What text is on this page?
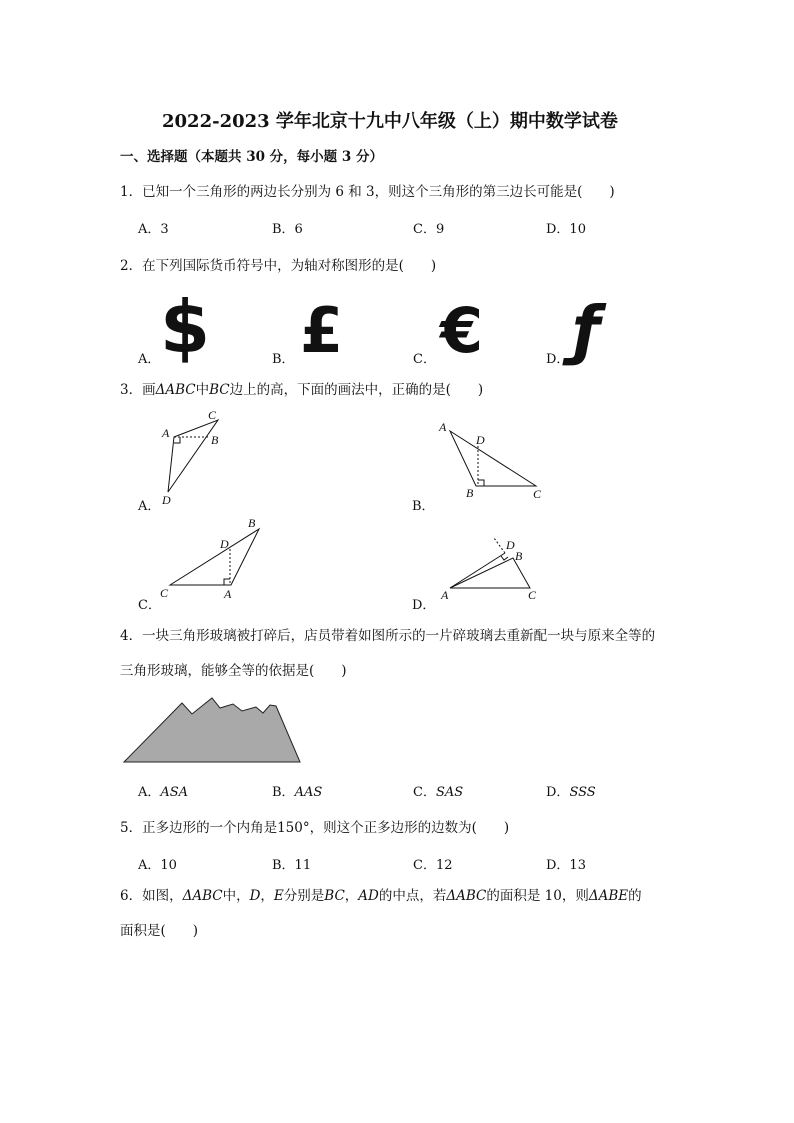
2022-2023 学年北京十九中八年级（上）期中数学试卷
一、选择题（本题共 30 分，每小题 3 分）
1．已知一个三角形的两边长分别为 6 和 3，则这个三角形的第三边长可能是(　　)
A．3	B．6	C．9	D．10
2．在下列国际货币符号中，为轴对称图形的是(　　)
A．	B．	C．	D．
$ £ € ƒ
3．画ΔABC中BC边上的高，下面的画法中，正确的是(　　)
A．	B．
C．	D．
A
C
B
D
A
D
B	C
B
D
C	A
D
B
A	C
4．一块三角形玻璃被打碎后，店员带着如图所示的一片碎玻璃去重新配一块与原来全等的
三角形玻璃，能够全等的依据是(　　)
A．ASA	B．AAS	C．SAS	D．SSS
5．正多边形的一个内角是150°，则这个正多边形的边数为(　　)
A．10	B．11	C．12	D．13
6．如图，ΔABC中，D，E分别是BC，AD的中点，若ΔABC的面积是 10，则ΔABE的
面积是(　　)
